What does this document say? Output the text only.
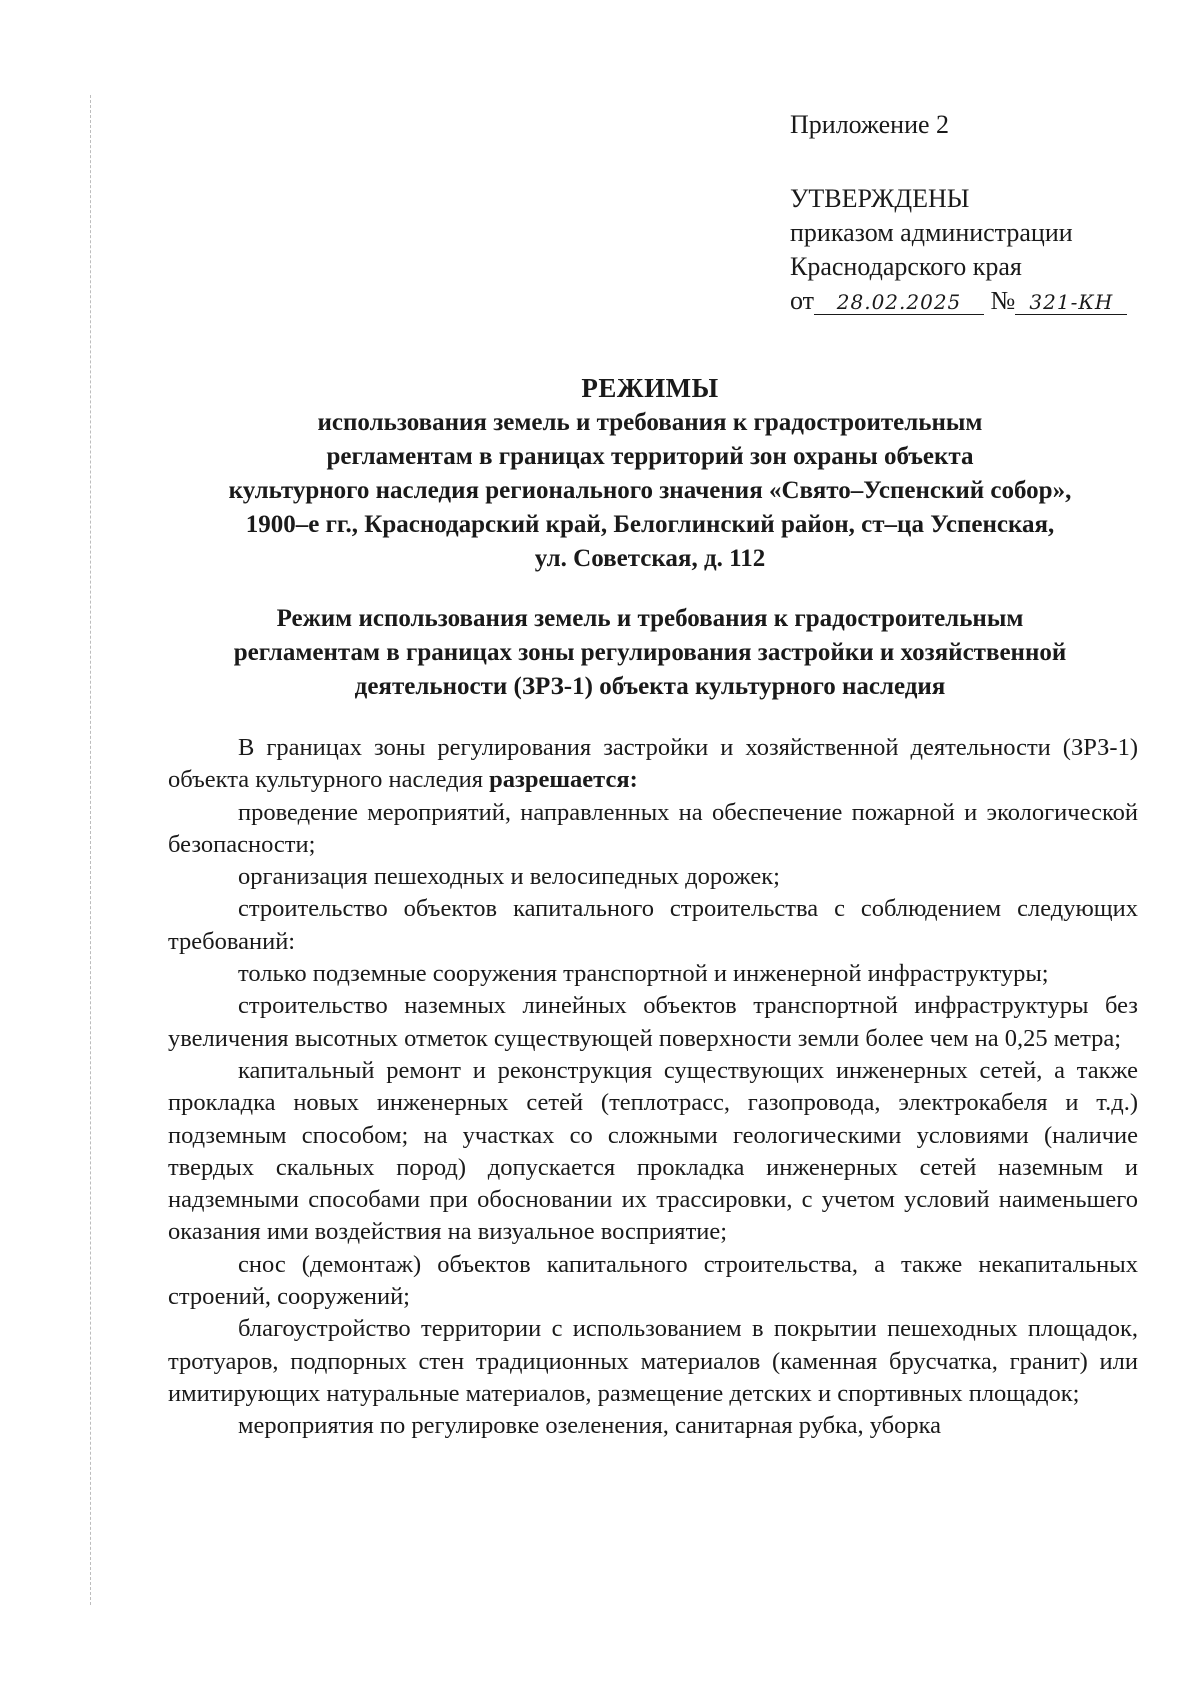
Приложение 2
УТВЕРЖДЕНЫ
приказом администрации
Краснодарского края
от 28.02.2025 № 321-КН
РЕЖИМЫ
использования земель и требования к градостроительным
регламентам в границах территорий зон охраны объекта
культурного наследия регионального значения «Свято–Успенский собор»,
1900–е гг., Краснодарский край, Белоглинский район, ст–ца Успенская,
ул. Советская, д. 112
Режим использования земель и требования к градостроительным
регламентам в границах зоны регулирования застройки и хозяйственной
деятельности (ЗРЗ-1) объекта культурного наследия

В границах зоны регулирования застройки и хозяйственной деятельности (ЗРЗ-1) объекта культурного наследия разрешается:

проведение мероприятий, направленных на обеспечение пожарной и экологической безопасности;

организация пешеходных и велосипедных дорожек;

строительство объектов капитального строительства с соблюдением следующих требований:

только подземные сооружения транспортной и инженерной инфраструктуры;

строительство наземных линейных объектов транспортной инфраструктуры без увеличения высотных отметок существующей поверхности земли более чем на 0,25 метра;

капитальный ремонт и реконструкция существующих инженерных сетей, а также прокладка новых инженерных сетей (теплотрасс, газопровода, электрокабеля и т.д.) подземным способом; на участках со сложными геологическими условиями (наличие твердых скальных пород) допускается прокладка инженерных сетей наземным и надземными способами при обосновании их трассировки, с учетом условий наименьшего оказания ими воздействия на визуальное восприятие;

снос (демонтаж) объектов капитального строительства, а также некапитальных строений, сооружений;

благоустройство территории с использованием в покрытии пешеходных площадок, тротуаров, подпорных стен традиционных материалов (каменная брусчатка, гранит) или имитирующих натуральные материалов, размещение детских и спортивных площадок;

мероприятия по регулировке озеленения, санитарная рубка, уборка
